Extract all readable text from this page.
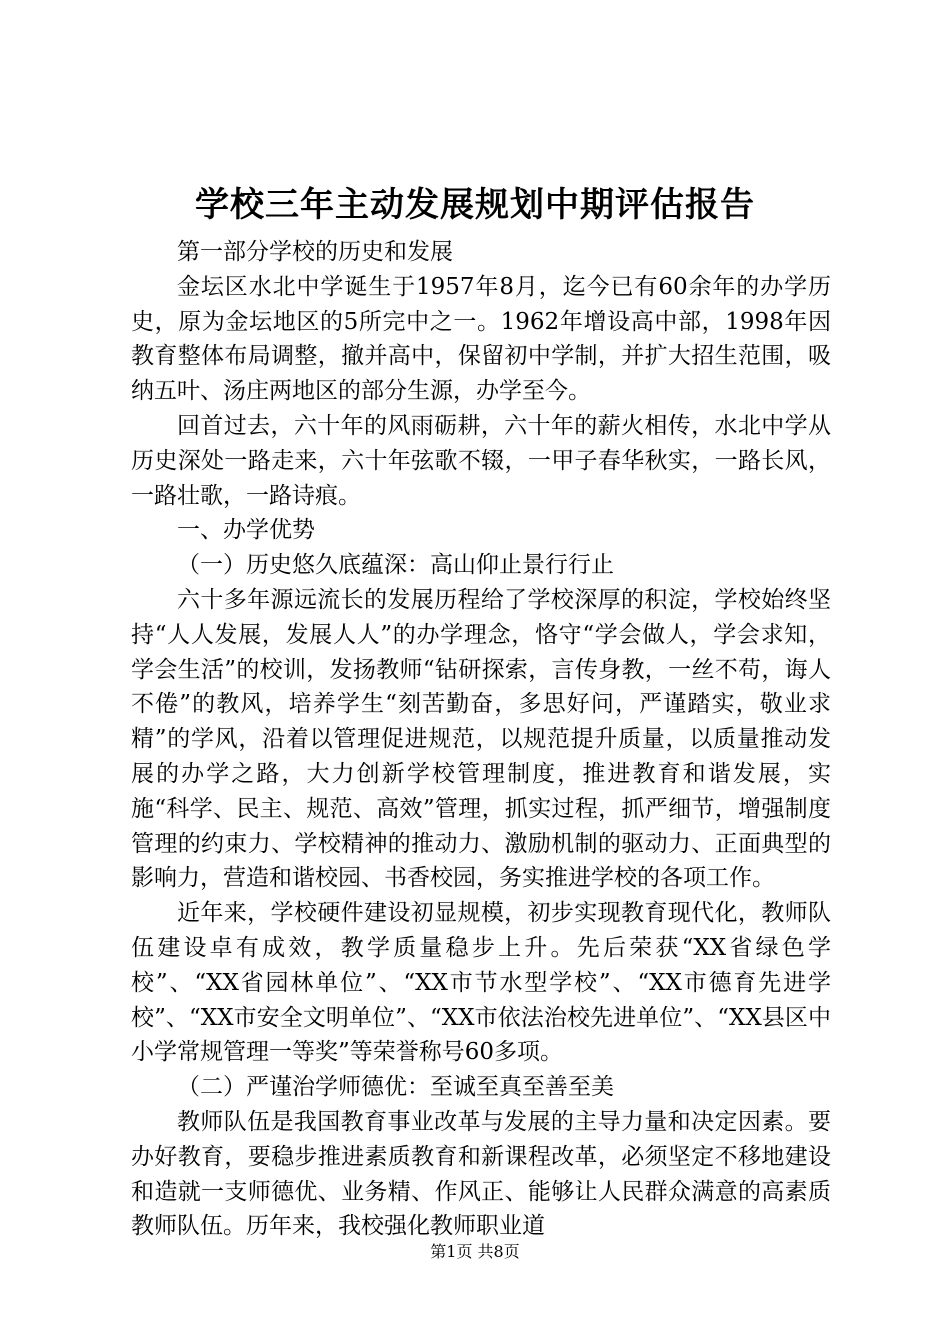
学校三年主动发展规划中期评估报告

第一部分学校的历史和发展

金坛区水北中学诞生于1957年8月，迄今已有60余年的办学历史，原为金坛地区的5所完中之一。1962年增设高中部，1998年因教育整体布局调整，撤并高中，保留初中学制，并扩大招生范围，吸纳五叶、汤庄两地区的部分生源，办学至今。

回首过去，六十年的风雨砺耕，六十年的薪火相传，水北中学从历史深处一路走来，六十年弦歌不辍，一甲子春华秋实，一路长风，一路壮歌，一路诗痕。

一、办学优势

（一）历史悠久底蕴深：高山仰止景行行止

六十多年源远流长的发展历程给了学校深厚的积淀，学校始终坚持“人人发展，发展人人”的办学理念，恪守“学会做人，学会求知，学会生活”的校训，发扬教师“钻研探索，言传身教，一丝不苟，诲人不倦”的教风，培养学生“刻苦勤奋，多思好问，严谨踏实，敬业求精”的学风，沿着以管理促进规范，以规范提升质量，以质量推动发展的办学之路，大力创新学校管理制度，推进教育和谐发展，实施“科学、民主、规范、高效”管理，抓实过程，抓严细节，增强制度管理的约束力、学校精神的推动力、激励机制的驱动力、正面典型的影响力，营造和谐校园、书香校园，务实推进学校的各项工作。

近年来，学校硬件建设初显规模，初步实现教育现代化，教师队伍建设卓有成效，教学质量稳步上升。先后荣获“XX省绿色学校”、“XX省园林单位”、“XX市节水型学校”、“XX市德育先进学校”、“XX市安全文明单位”、“XX市依法治校先进单位”、“XX县区中小学常规管理一等奖”等荣誉称号60多项。

（二）严谨治学师德优：至诚至真至善至美

教师队伍是我国教育事业改革与发展的主导力量和决定因素。要办好教育，要稳步推进素质教育和新课程改革，必须坚定不移地建设和造就一支师德优、业务精、作风正、能够让人民群众满意的高素质教师队伍。历年来，我校强化教师职业道

第1页 共8页
